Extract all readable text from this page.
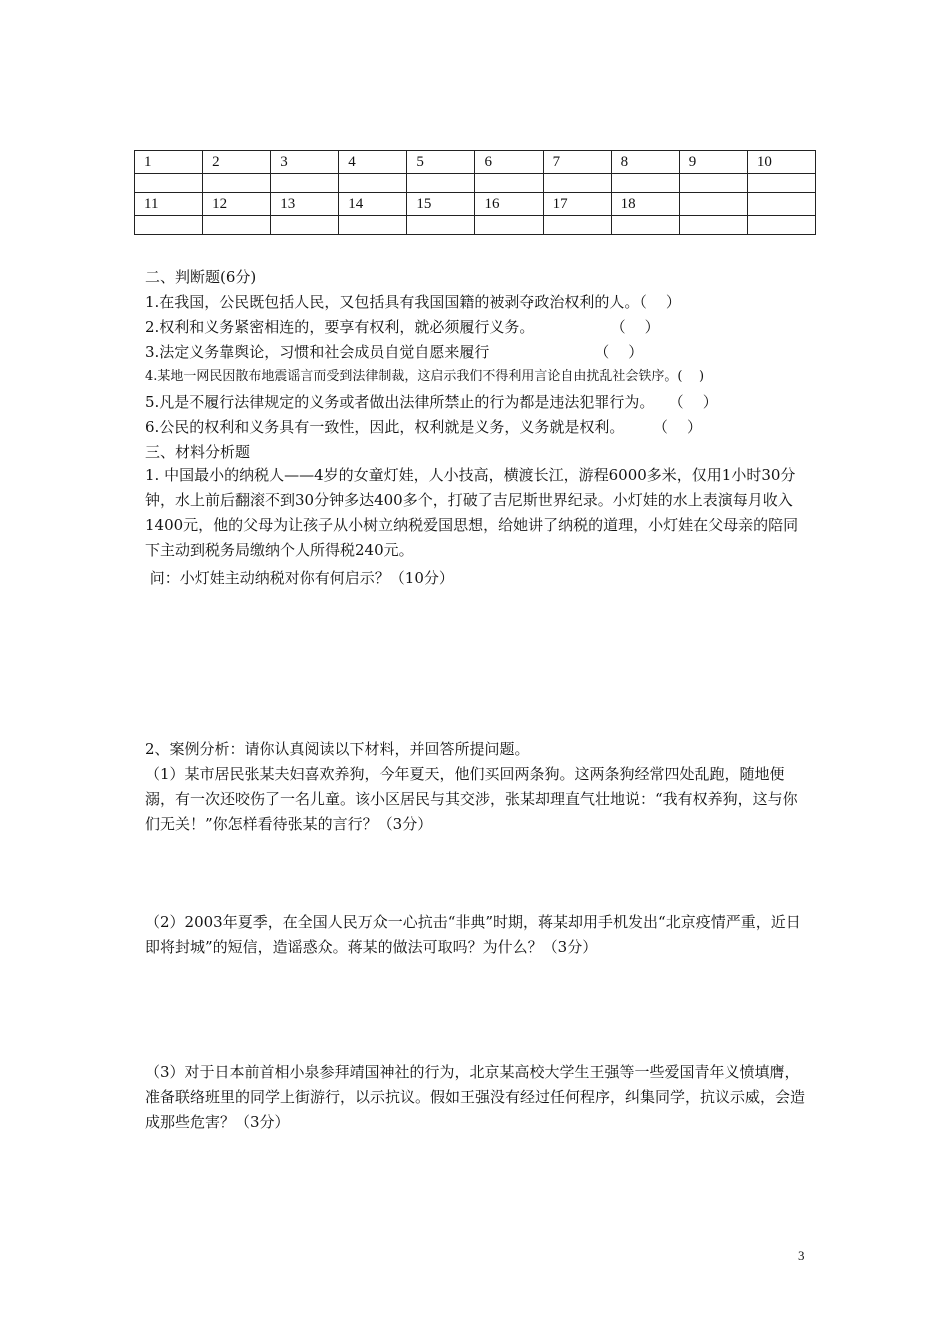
1	2	3	4	5	6	7	8	9	10

11	12	13	14	15	16	17	18		

二、判断题(6分)
1.在我国，公民既包括人民，又包括具有我国国籍的被剥夺政治权利的人。（    ）
2.权利和义务紧密相连的，要享有权利，就必须履行义务。                （    ）
3.法定义务靠舆论，习惯和社会成员自觉自愿来履行                      （    ）
4.某地一网民因散布地震谣言而受到法律制裁，这启示我们不得利用言论自由扰乱社会铁序。(    )
5.凡是不履行法律规定的义务或者做出法律所禁止的行为都是违法犯罪行为。   （    ）
6.公民的权利和义务具有一致性，因此，权利就是义务，义务就是权利。      （    ）
三、材料分析题
1. 中国最小的纳税人——4岁的女童灯娃，人小技高，横渡长江，游程6000多米，仅用1小时30分钟，水上前后翻滚不到30分钟多达400多个，打破了吉尼斯世界纪录。小灯娃的水上表演每月收入1400元，他的父母为让孩子从小树立纳税爱国思想，给她讲了纳税的道理，小灯娃在父母亲的陪同下主动到税务局缴纳个人所得税240元。
问：小灯娃主动纳税对你有何启示？（10分）
2、案例分析：请你认真阅读以下材料，并回答所提问题。
（1）某市居民张某夫妇喜欢养狗，今年夏天，他们买回两条狗。这两条狗经常四处乱跑，随地便溺，有一次还咬伤了一名儿童。该小区居民与其交涉，张某却理直气壮地说：“我有权养狗，这与你们无关！”你怎样看待张某的言行？（3分）
（2）2003年夏季，在全国人民万众一心抗击“非典”时期，蒋某却用手机发出“北京疫情严重，近日即将封城”的短信，造谣惑众。蒋某的做法可取吗？为什么？（3分）
（3）对于日本前首相小泉参拜靖国神社的行为，北京某高校大学生王强等一些爱国青年义愤填膺，准备联络班里的同学上街游行，以示抗议。假如王强没有经过任何程序，纠集同学，抗议示威，会造成那些危害？（3分）
3
